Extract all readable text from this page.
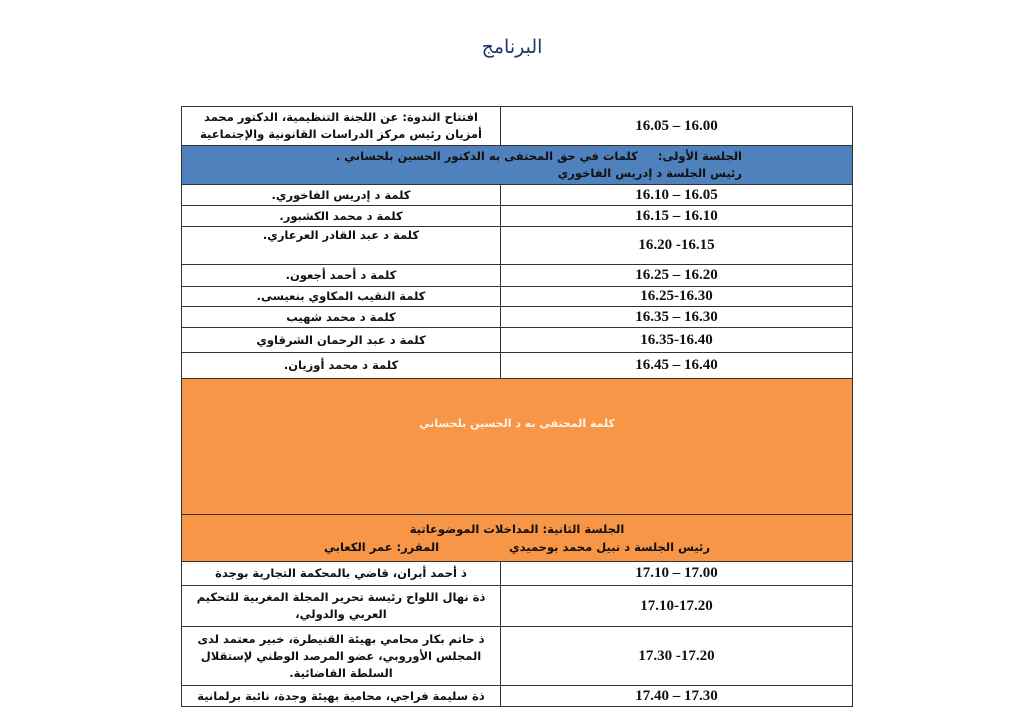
البرنامج
افتتاح الندوة: عن اللجنة التنظيمية، الدكتور محمد
أمزيان رئيس مركز الدراسات القانونية والإجتماعية	16.05 – 16.00

الجلسة الأولى:     كلمات في حق المحتفى به الدكتور الحسين بلحساني .
رئيس الجلسة د إدريس الفاخوري	

كلمة د إدريس الفاخوري.	16.10 – 16.05
كلمة د محمد الكشبور.	16.15 – 16.10
كلمة د عبد القادر العرعاري.	16.20 -16.15
كلمة د أحمد أجعون.	16.25 – 16.20
كلمة النقيب المكاوي بنعيسى.	16.25-16.30
كلمة د محمد شهيب	16.35 – 16.30
كلمة د عبد الرحمان الشرقاوي	16.35-16.40
كلمة د محمد أوزيان.	16.45 – 16.40
كلمة المحتفى به د الحسين بلحساني	

الجلسة الثانية: المداخلات الموضوعاتية
رئيس الجلسة د نبيل محمد بوحميدي
المقرر: عمر الكعابي	

ذ أحمد أبران، قاضي بالمحكمة التجارية بوجدة	17.10 – 17.00
ذة نهال اللواح رئيسة تحرير المجلة المغربية للتحكيم العربي والدولي،	17.10-17.20
ذ حاتم بكار محامي بهيئة القنيطرة، خبير معتمد لدى المجلس الأوروبي، عضو المرصد الوطني لإستقلال السلطة القاضائية.	17.30 -17.20
ذة سليمة فراجي، محامية بهيئة وجدة، نائبة برلمانية	17.40 – 17.30
